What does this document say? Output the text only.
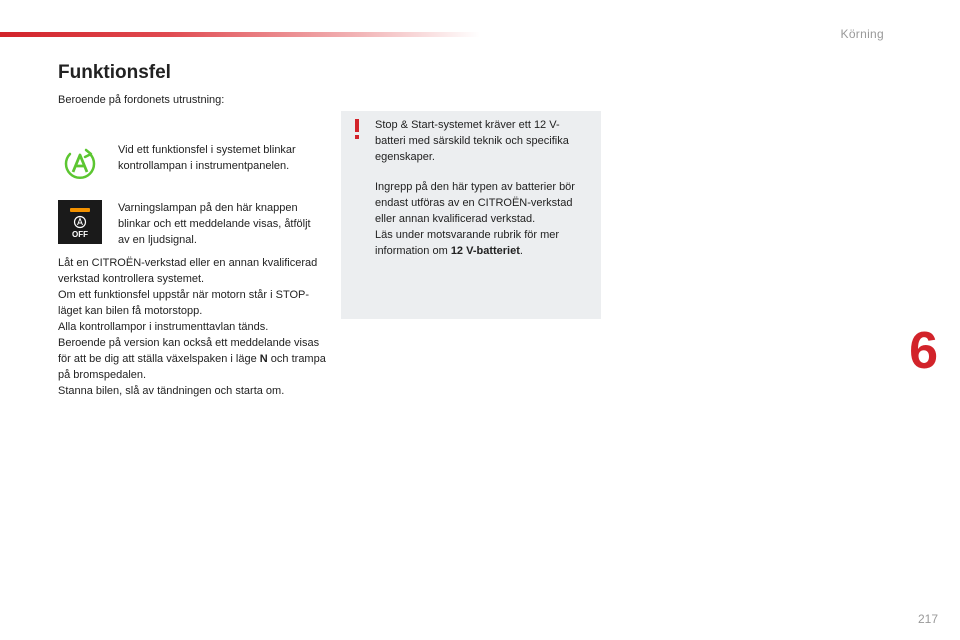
Körning
Funktionsfel
Beroende på fordonets utrustning:
Vid ett funktionsfel i systemet blinkar kontrollampan i instrumentpanelen.
OFF
Varningslampan på den här knappen blinkar och ett meddelande visas, åtföljt av en ljudsignal.

Låt en CITROËN-verkstad eller en annan kvalificerad verkstad kontrollera systemet.

Om ett funktionsfel uppstår när motorn står i STOP-läget kan bilen få motorstopp.

Alla kontrollampor i instrumenttavlan tänds.

Beroende på version kan också ett meddelande visas för att be dig att ställa växelspaken i läge N och trampa på bromspedalen.

Stanna bilen, slå av tändningen och starta om.

Stop & Start-systemet kräver ett 12 V-batteri med särskild teknik och specifika egenskaper.

Ingrepp på den här typen av batterier bör endast utföras av en CITROËN-verkstad eller annan kvalificerad verkstad.
Läs under motsvarande rubrik för mer information om 12 V-batteriet.

6
217
